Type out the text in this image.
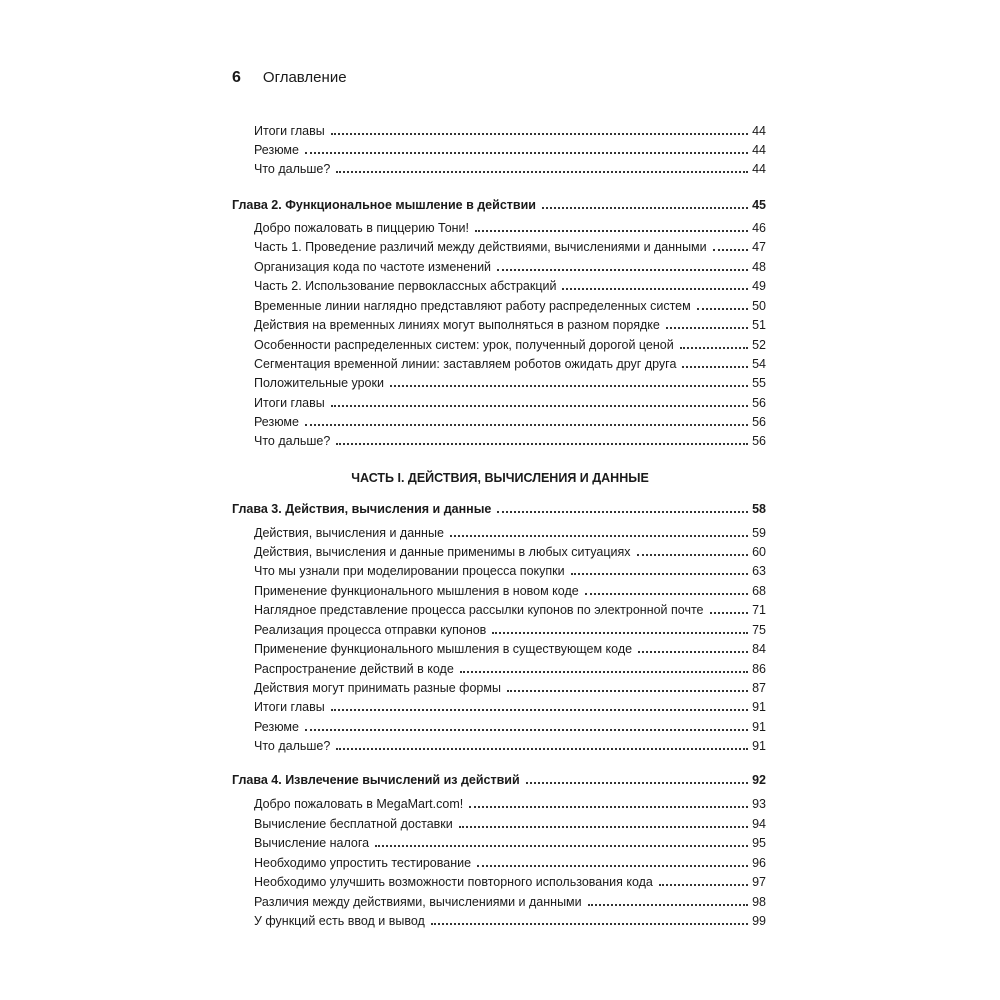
6 Оглавление
Итоги главы	44
Резюме	44
Что дальше?	44
Глава 2. Функциональное мышление в действии	45
Добро пожаловать в пиццерию Тони!	46
Часть 1. Проведение различий между действиями, вычислениями и данными	47
Организация кода по частоте изменений	48
Часть 2. Использование первоклассных абстракций	49
Временные линии наглядно представляют работу распределенных систем	50
Действия на временных линиях могут выполняться в разном порядке	51
Особенности распределенных систем: урок, полученный дорогой ценой	52
Сегментация временной линии: заставляем роботов ожидать друг друга	54
Положительные уроки	55
Итоги главы	56
Резюме	56
Что дальше?	56
ЧАСТЬ I. ДЕЙСТВИЯ, ВЫЧИСЛЕНИЯ И ДАННЫЕ
Глава 3. Действия, вычисления и данные	58
Действия, вычисления и данные	59
Действия, вычисления и данные применимы в любых ситуациях	60
Что мы узнали при моделировании процесса покупки	63
Применение функционального мышления в новом коде	68
Наглядное представление процесса рассылки купонов по электронной почте	71
Реализация процесса отправки купонов	75
Применение функционального мышления в существующем коде	84
Распространение действий в коде	86
Действия могут принимать разные формы	87
Итоги главы	91
Резюме	91
Что дальше?	91
Глава 4. Извлечение вычислений из действий	92
Добро пожаловать в MegaMart.com!	93
Вычисление бесплатной доставки	94
Вычисление налога	95
Необходимо упростить тестирование	96
Необходимо улучшить возможности повторного использования кода	97
Различия между действиями, вычислениями и данными	98
У функций есть ввод и вывод	99
